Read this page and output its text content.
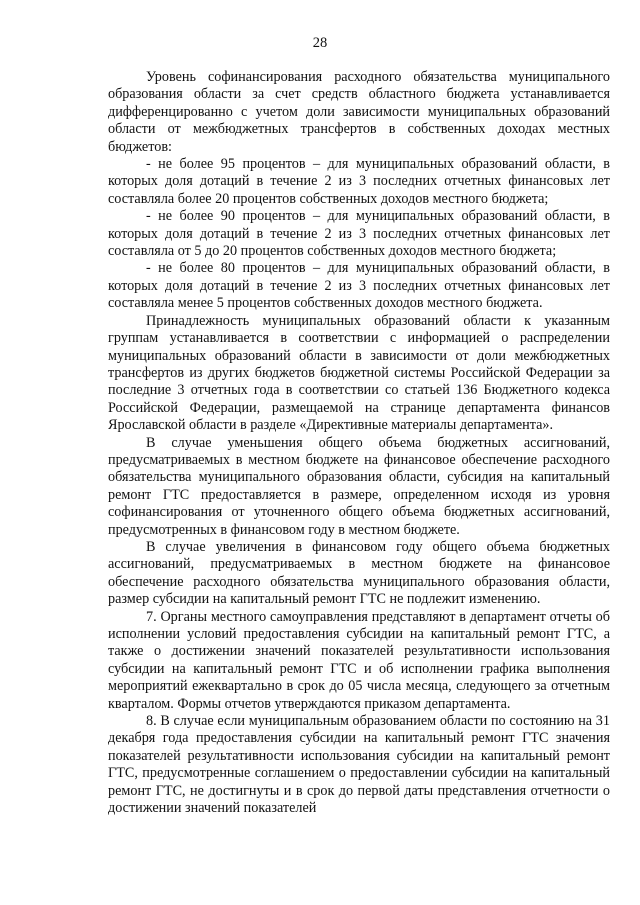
28

Уровень софинансирования расходного обязательства муниципального образования области за счет средств областного бюджета устанавливается дифференцированно с учетом доли зависимости муниципальных образований области от межбюджетных трансфертов в собственных доходах местных бюджетов:

- не более 95 процентов – для муниципальных образований области, в которых доля дотаций в течение 2 из 3 последних отчетных финансовых лет составляла более 20 процентов собственных доходов местного бюджета;

- не более 90 процентов – для муниципальных образований области, в которых доля дотаций в течение 2 из 3 последних отчетных финансовых лет составляла от 5 до 20 процентов собственных доходов местного бюджета;

- не более 80 процентов – для муниципальных образований области, в которых доля дотаций в течение 2 из 3 последних отчетных финансовых лет составляла менее 5 процентов собственных доходов местного бюджета.

Принадлежность муниципальных образований области к указанным группам устанавливается в соответствии с информацией о распределении муниципальных образований области в зависимости от доли межбюджетных трансфертов из других бюджетов бюджетной системы Российской Федерации за последние 3 отчетных года в соответствии со статьей 136 Бюджетного кодекса Российской Федерации, размещаемой на странице департамента финансов Ярославской области в разделе «Директивные материалы департамента».

В случае уменьшения общего объема бюджетных ассигнований, предусматриваемых в местном бюджете на финансовое обеспечение расходного обязательства муниципального образования области, субсидия на капитальный ремонт ГТС предоставляется в размере, определенном исходя из уровня софинансирования от уточненного общего объема бюджетных ассигнований, предусмотренных в финансовом году в местном бюджете.

В случае увеличения в финансовом году общего объема бюджетных ассигнований, предусматриваемых в местном бюджете на финансовое обеспечение расходного обязательства муниципального образования области, размер субсидии на капитальный ремонт ГТС не подлежит изменению.

7. Органы местного самоуправления представляют в департамент отчеты об исполнении условий предоставления субсидии на капитальный ремонт ГТС, а также о достижении значений показателей результативности использования субсидии на капитальный ремонт ГТС и об исполнении графика выполнения мероприятий ежеквартально в срок до 05 числа месяца, следующего за отчетным кварталом. Формы отчетов утверждаются приказом департамента.

8. В случае если муниципальным образованием области по состоянию на 31 декабря года предоставления субсидии на капитальный ремонт ГТС значения показателей результативности использования субсидии на капитальный ремонт ГТС, предусмотренные соглашением о предоставлении субсидии на капитальный ремонт ГТС, не достигнуты и в срок до первой даты представления отчетности о достижении значений показателей
